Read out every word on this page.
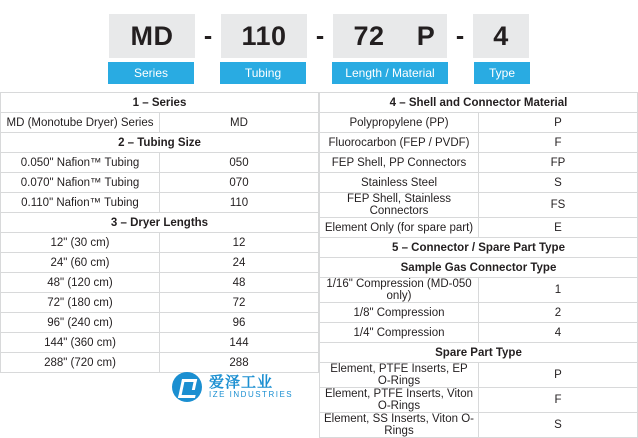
MD	-	110	-	72	P -	4
Series	Tubing	Length / Material	Type
1 – Series	
MD (Monotube Dryer) Series	MD
2 – Tubing Size	
0.050" Nafion™ Tubing	050
0.070" Nafion™ Tubing	070
0.110" Nafion™ Tubing	110
3 – Dryer Lengths	
12" (30 cm)	12
24" (60 cm)	24
48" (120 cm)	48
72" (180 cm)	72
96" (240 cm)	96
144" (360 cm)	144
288" (720 cm)	288
4 – Shell and Connector Material	
Polypropylene (PP)	P
Fluorocarbon (FEP / PVDF)	F
FEP Shell, PP Connectors	FP
Stainless Steel	S
FEP Shell, Stainless Connectors	FS
Element Only (for spare part)	E
5 – Connector / Spare Part Type	
Sample Gas Connector Type	
1/16" Compression (MD-050 only)	1
1/8" Compression	2
1/4" Compression	4
Spare Part Type	
Element, PTFE Inserts, EP O-Rings	P
Element, PTFE Inserts, Viton O-Rings	F
Element, SS Inserts, Viton O-Rings	S
爱泽工业
IZE INDUSTRIES
